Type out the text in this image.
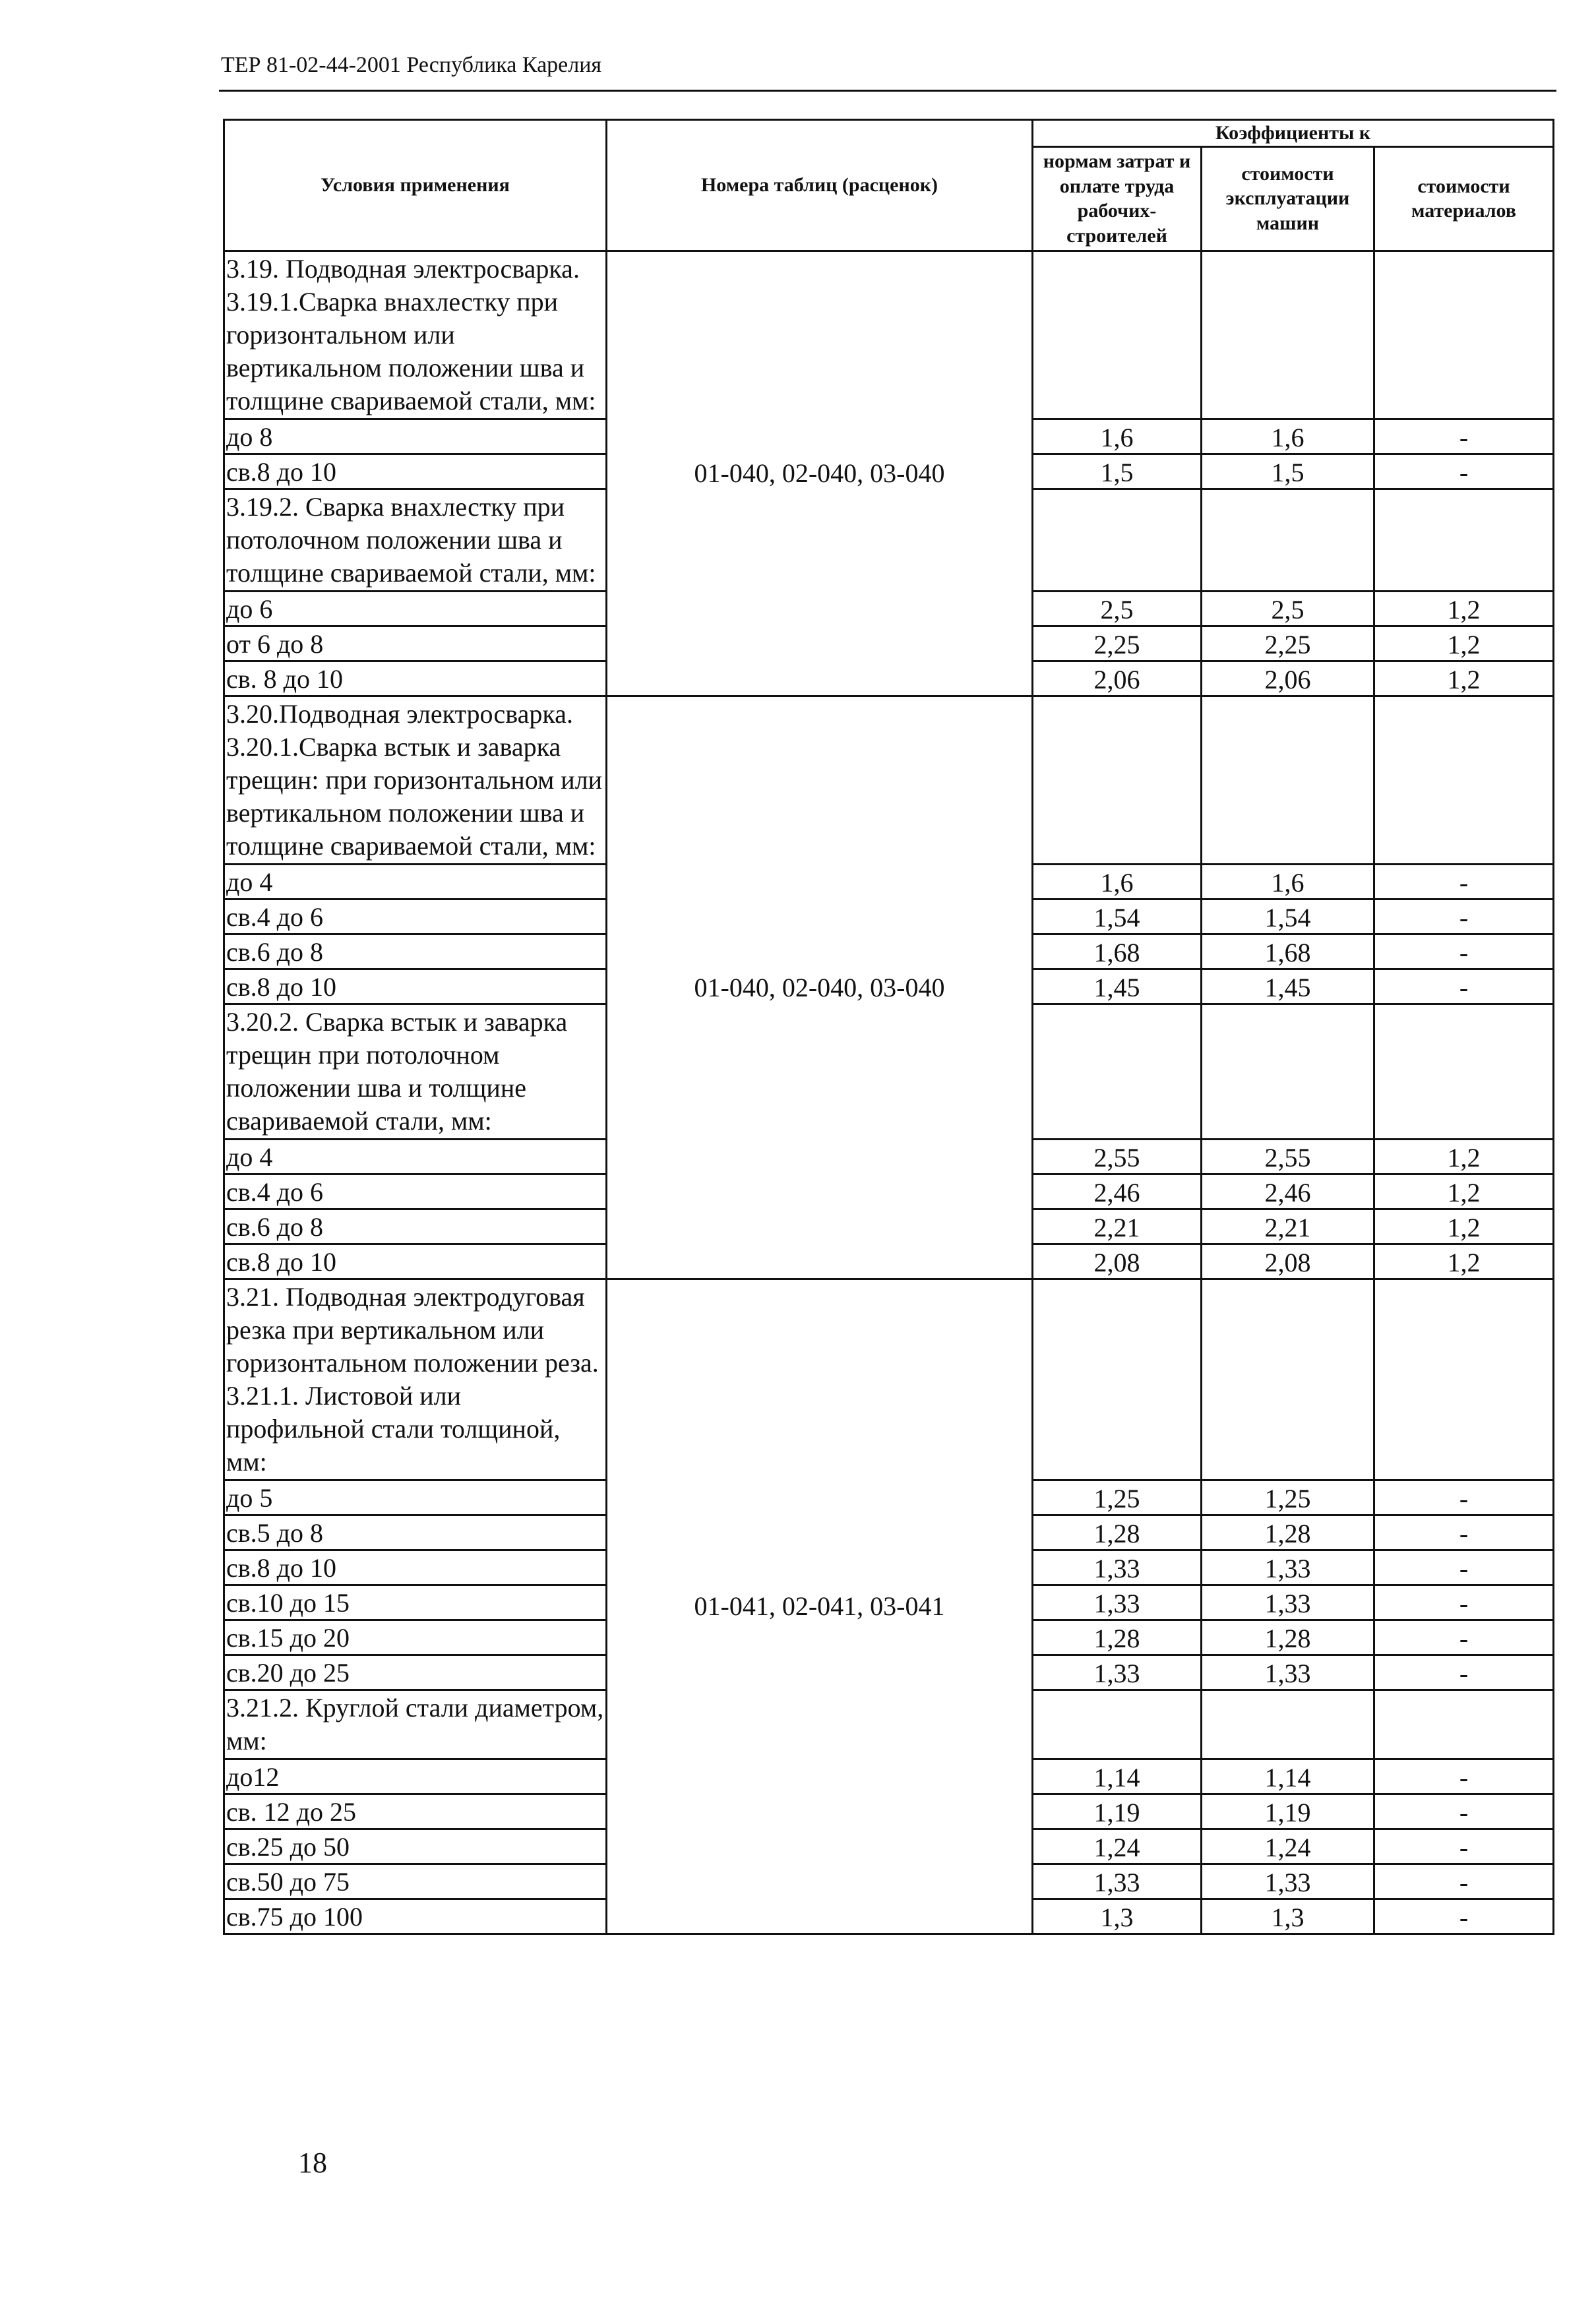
ТЕР 81-02-44-2001 Республика Карелия
Условия применения	Номера таблиц (расценок)	Коэффициенты к		
		нормам затрат и оплате труда рабочих-строителей	стоимости эксплуатации машин	стоимости материалов
3.19. Подводная электросварка. 3.19.1.Сварка внахлестку при горизонтальном или вертикальном положении шва и толщине свариваемой стали, мм:	01-040, 02-040, 03-040			
до 8		1,6	1,6	-
св.8 до 10		1,5	1,5	-
3.19.2. Сварка внахлестку при потолочном положении шва и толщине свариваемой стали, мм:				
до 6		2,5	2,5	1,2
от 6 до 8		2,25	2,25	1,2
св. 8 до 10		2,06	2,06	1,2
3.20.Подводная электросварка. 3.20.1.Сварка встык и заварка трещин: при горизонтальном или вертикальном положении шва и толщине свариваемой стали, мм:	01-040, 02-040, 03-040			
до 4		1,6	1,6	-
св.4 до 6		1,54	1,54	-
св.6 до 8		1,68	1,68	-
св.8 до 10		1,45	1,45	-
3.20.2. Сварка встык и заварка трещин при потолочном положении шва и толщине свариваемой стали, мм:				
до 4		2,55	2,55	1,2
св.4 до 6		2,46	2,46	1,2
св.6 до 8		2,21	2,21	1,2
св.8 до 10		2,08	2,08	1,2
3.21. Подводная электродуговая резка при вертикальном или горизонтальном положении реза. 3.21.1. Листовой или профильной стали толщиной, мм:	01-041, 02-041, 03-041			
до 5		1,25	1,25	-
св.5 до 8		1,28	1,28	-
св.8 до 10		1,33	1,33	-
св.10 до 15		1,33	1,33	-
св.15 до 20		1,28	1,28	-
св.20 до 25		1,33	1,33	-
3.21.2. Круглой стали диаметром, мм:				
до12		1,14	1,14	-
св. 12 до 25		1,19	1,19	-
св.25 до 50		1,24	1,24	-
св.50 до 75		1,33	1,33	-
св.75 до 100		1,3	1,3	-
18
